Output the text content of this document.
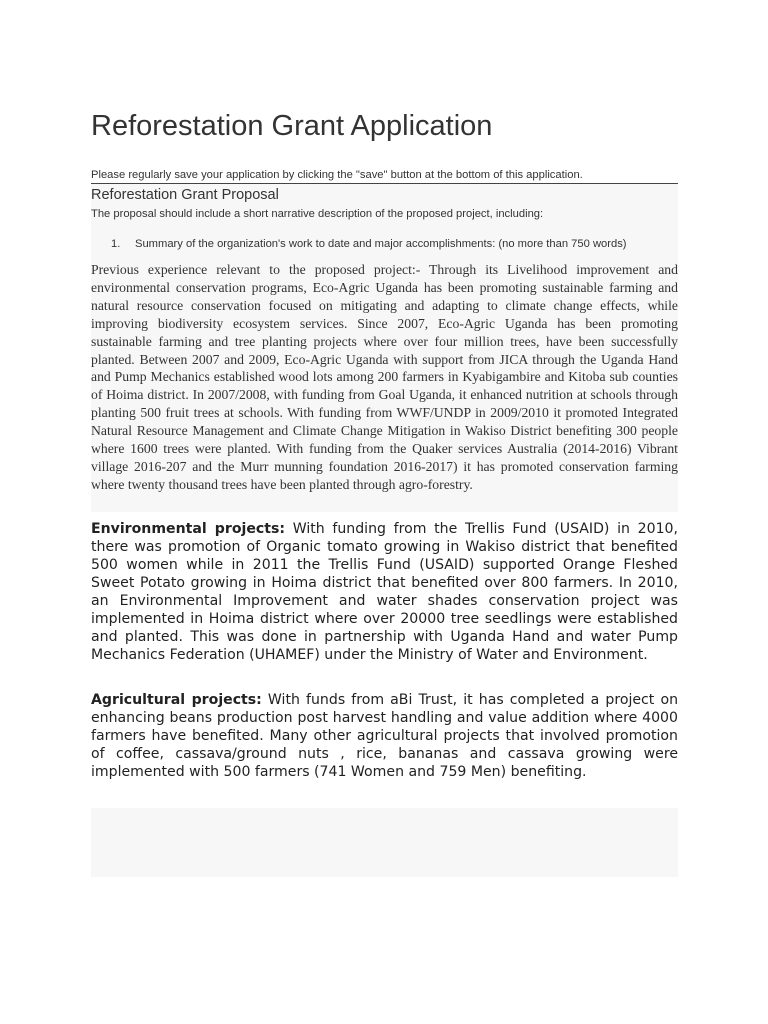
Reforestation Grant Application
Please regularly save your application by clicking the "save" button at the bottom of this application.
Reforestation Grant Proposal
The proposal should include a short narrative description of the proposed project, including:
1. Summary of the organization's work to date and major accomplishments: (no more than 750 words)

Previous experience relevant to the proposed project:- Through its Livelihood improvement and environmental conservation programs, Eco-Agric Uganda has been promoting sustainable farming and natural resource conservation focused on mitigating and adapting to climate change effects, while improving biodiversity ecosystem services. Since 2007, Eco-Agric Uganda has been promoting sustainable farming and tree planting projects where over four million trees, have been successfully planted. Between 2007 and 2009, Eco-Agric Uganda with support from JICA through the Uganda Hand and Pump Mechanics established wood lots among 200 farmers in Kyabigambire and Kitoba sub counties of Hoima district. In 2007/2008, with funding from Goal Uganda, it enhanced nutrition at schools through planting 500 fruit trees at schools. With funding from WWF/UNDP in 2009/2010 it promoted Integrated Natural Resource Management and Climate Change Mitigation in Wakiso District benefiting 300 people where 1600 trees were planted. With funding from the Quaker services Australia (2014-2016) Vibrant village 2016-207 and the Murr munning foundation 2016-2017) it has promoted conservation farming where twenty thousand trees have been planted through agro-forestry.

Environmental projects: With funding from the Trellis Fund (USAID) in 2010, there was promotion of Organic tomato growing in Wakiso district that benefited 500 women while in 2011 the Trellis Fund (USAID) supported Orange Fleshed Sweet Potato growing in Hoima district that benefited over 800 farmers. In 2010, an Environmental Improvement and water shades conservation project was implemented in Hoima district where over 20000 tree seedlings were established and planted. This was done in partnership with Uganda Hand and water Pump Mechanics Federation (UHAMEF) under the Ministry of Water and Environment.

Agricultural projects: With funds from aBi Trust, it has completed a project on enhancing beans production post harvest handling and value addition where 4000 farmers have benefited. Many other agricultural projects that involved promotion of coffee, cassava/ground nuts , rice, bananas and cassava growing were implemented with 500 farmers (741 Women and 759 Men) benefiting.
